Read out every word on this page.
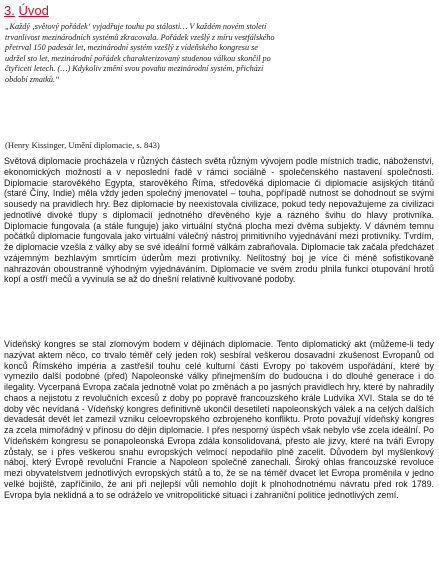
3. Úvod

„Každý ‚světový pořádek‘ vyjadřuje touhu po stálosti… V každém novém století trvanlivost mezinárodních systémů zkracovala. Pořádek vzešlý z míru vestfálského přetrval 150 padesát let, mezinárodní systém vzešlý z vídeňského kongresu se udržel sto let, mezinárodní pořádek charakterizovaný studenou válkou skončil po čtyřiceti letech. (…) Kdykoliv změní svou povahu mezinárodní systém, přichází období zmatků.“

(Henry Kissinger, Umění diplomacie, s. 843)

Světová diplomacie procházela v různých částech světa různým vývojem podle místních tradic, náboženství, ekonomických možností a v neposlední řadě v rámci sociálně - společenského nastavení společnosti. Diplomacie starověkého Egypta, starověkého Říma, středověká diplomacie či diplomacie asijských titánů (staré Číny, Indie) měla vždy jeden společný jmenovatel – touha, popřípadě nutnost se dohodnout se svými sousedy na pravidlech hry. Bez diplomacie by neexistovala civilizace, pokud tedy nepovažujeme za civilizaci jednotlivé divoké tlupy s diplomacií jednotného dřevěného kyje a rázného švihu do hlavy protivníka. Diplomacie fungovala (a stále funguje) jako virtuální styčná plocha mezi dvěma subjekty. V dávném temnu počátků diplomacie fungovala jako virtuální válečný nástroj primitivního vyjednávání mezi protivníky. Tvrdím, že diplomacie vzešla z války aby se své ideální formě válkám zabraňovala. Diplomacie tak začala předcházet vzájemným bezhlavým smrtícím úderům mezi protivníky. Nelítostný boj je více či méně sofistikovaně nahrazován oboustranně výhodným vyjednáváním. Diplomacie ve svém zrodu plnila funkci otupování hrotů kopí a ostří mečů a vyvinula se až do dnešní relativně kultivované podoby.

Vídeňský kongres se stal zlomovým bodem v dějinách diplomacie. Tento diplomatický akt (můžeme-li tedy nazývat aktem něco, co trvalo téměř celý jeden rok) sesbíral veškerou dosavadní zkušenost Evropanů od konců Římského impéria a zastřešil touhu celé kulturní části Evropy po takovém uspořádání, které by vymezilo další podobné (před) Napoleonské války přinejmenším do budoucna i do dlouhé generace i do ilegality. Vycerpaná Evropa začala jednotně volat po změnách a po jasných pravidlech hry, které by nahradily chaos a nejistotu z revolučních excesů z doby po popravě francouzského krále Ludvíka XVI. Stala se do té doby věc nevídaná - Vídeňský kongres definitivně ukončil desetiletí napoleonských válek a na celých dalších devadesát devět let zamezil vzniku celoevropského ozbrojeného konfliktu. Proto považují vídeňský kongres za zcela mimořádný v přínosu do dějin diplomacie. I přes nesporný úspěch však nebylo vše zcela ideální. Po Vídeňském kongresu se ponapoleonská Evropa zdála konsolidovaná, přesto ale jizvy, které na tváři Evropy zůstaly, se i přes veškerou snahu evropských velmocí nepodařilo plně zacelit. Důvodem byl myšlenkový náboj, který Evropě revoluční Francie a Napoleon společně zanechali. Široký ohlas francouzské revoluce mezi obyvatelstvem jednotlivých evropských států a to, že se na téměř dvacet let Evropa proměnila v jedno velké bojiště, zapříčinilo, že ani při nejlepší vůli nemohlo dojít k plnohodnotnému návratu před rok 1789. Evropa byla neklidná a to se odráželo ve vnitropolitické situaci i zahraniční politice jednotlivých zemí.
